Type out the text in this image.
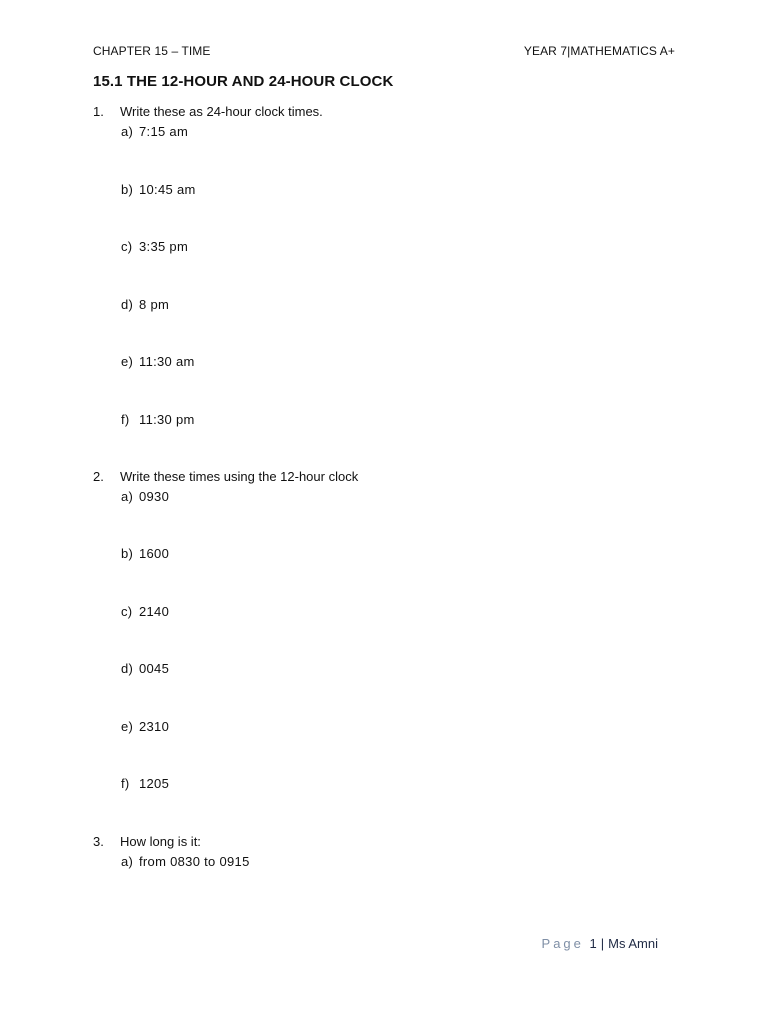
CHAPTER 15 – TIME	YEAR 7|MATHEMATICS A+
15.1 THE 12-HOUR AND 24-HOUR CLOCK
1. Write these as 24-hour clock times.
a) 7:15 am
b) 10:45 am
c) 3:35 pm
d) 8 pm
e) 11:30 am
f) 11:30 pm
2. Write these times using the 12-hour clock
a) 0930
b) 1600
c) 2140
d) 0045
e) 2310
f) 1205
3. How long is it:
a) from 0830 to 0915
Page 1 | Ms Amni
